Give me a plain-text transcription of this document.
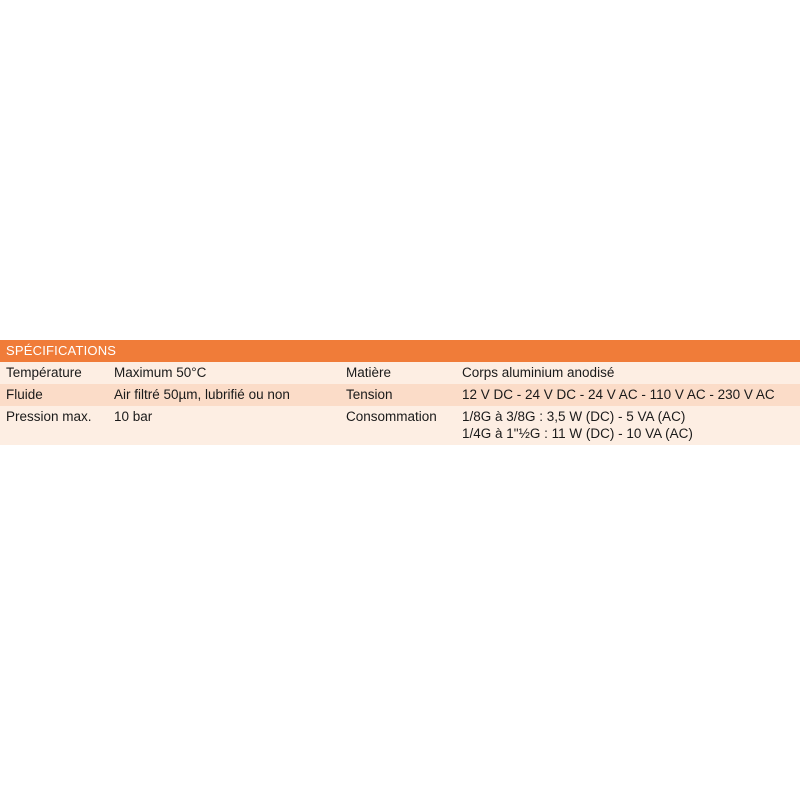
SPÉCIFICATIONS			
Température	Maximum 50°C	Matière	Corps aluminium anodisé
Fluide	Air filtré 50µm, lubrifié ou non	Tension	12 V DC - 24 V DC - 24 V AC - 110 V AC - 230 V AC
Pression max.	10 bar	Consommation	1/8G à 3/8G : 3,5 W (DC) - 5 VA (AC)
1/4G à 1"½G : 11 W (DC) - 10 VA (AC)
